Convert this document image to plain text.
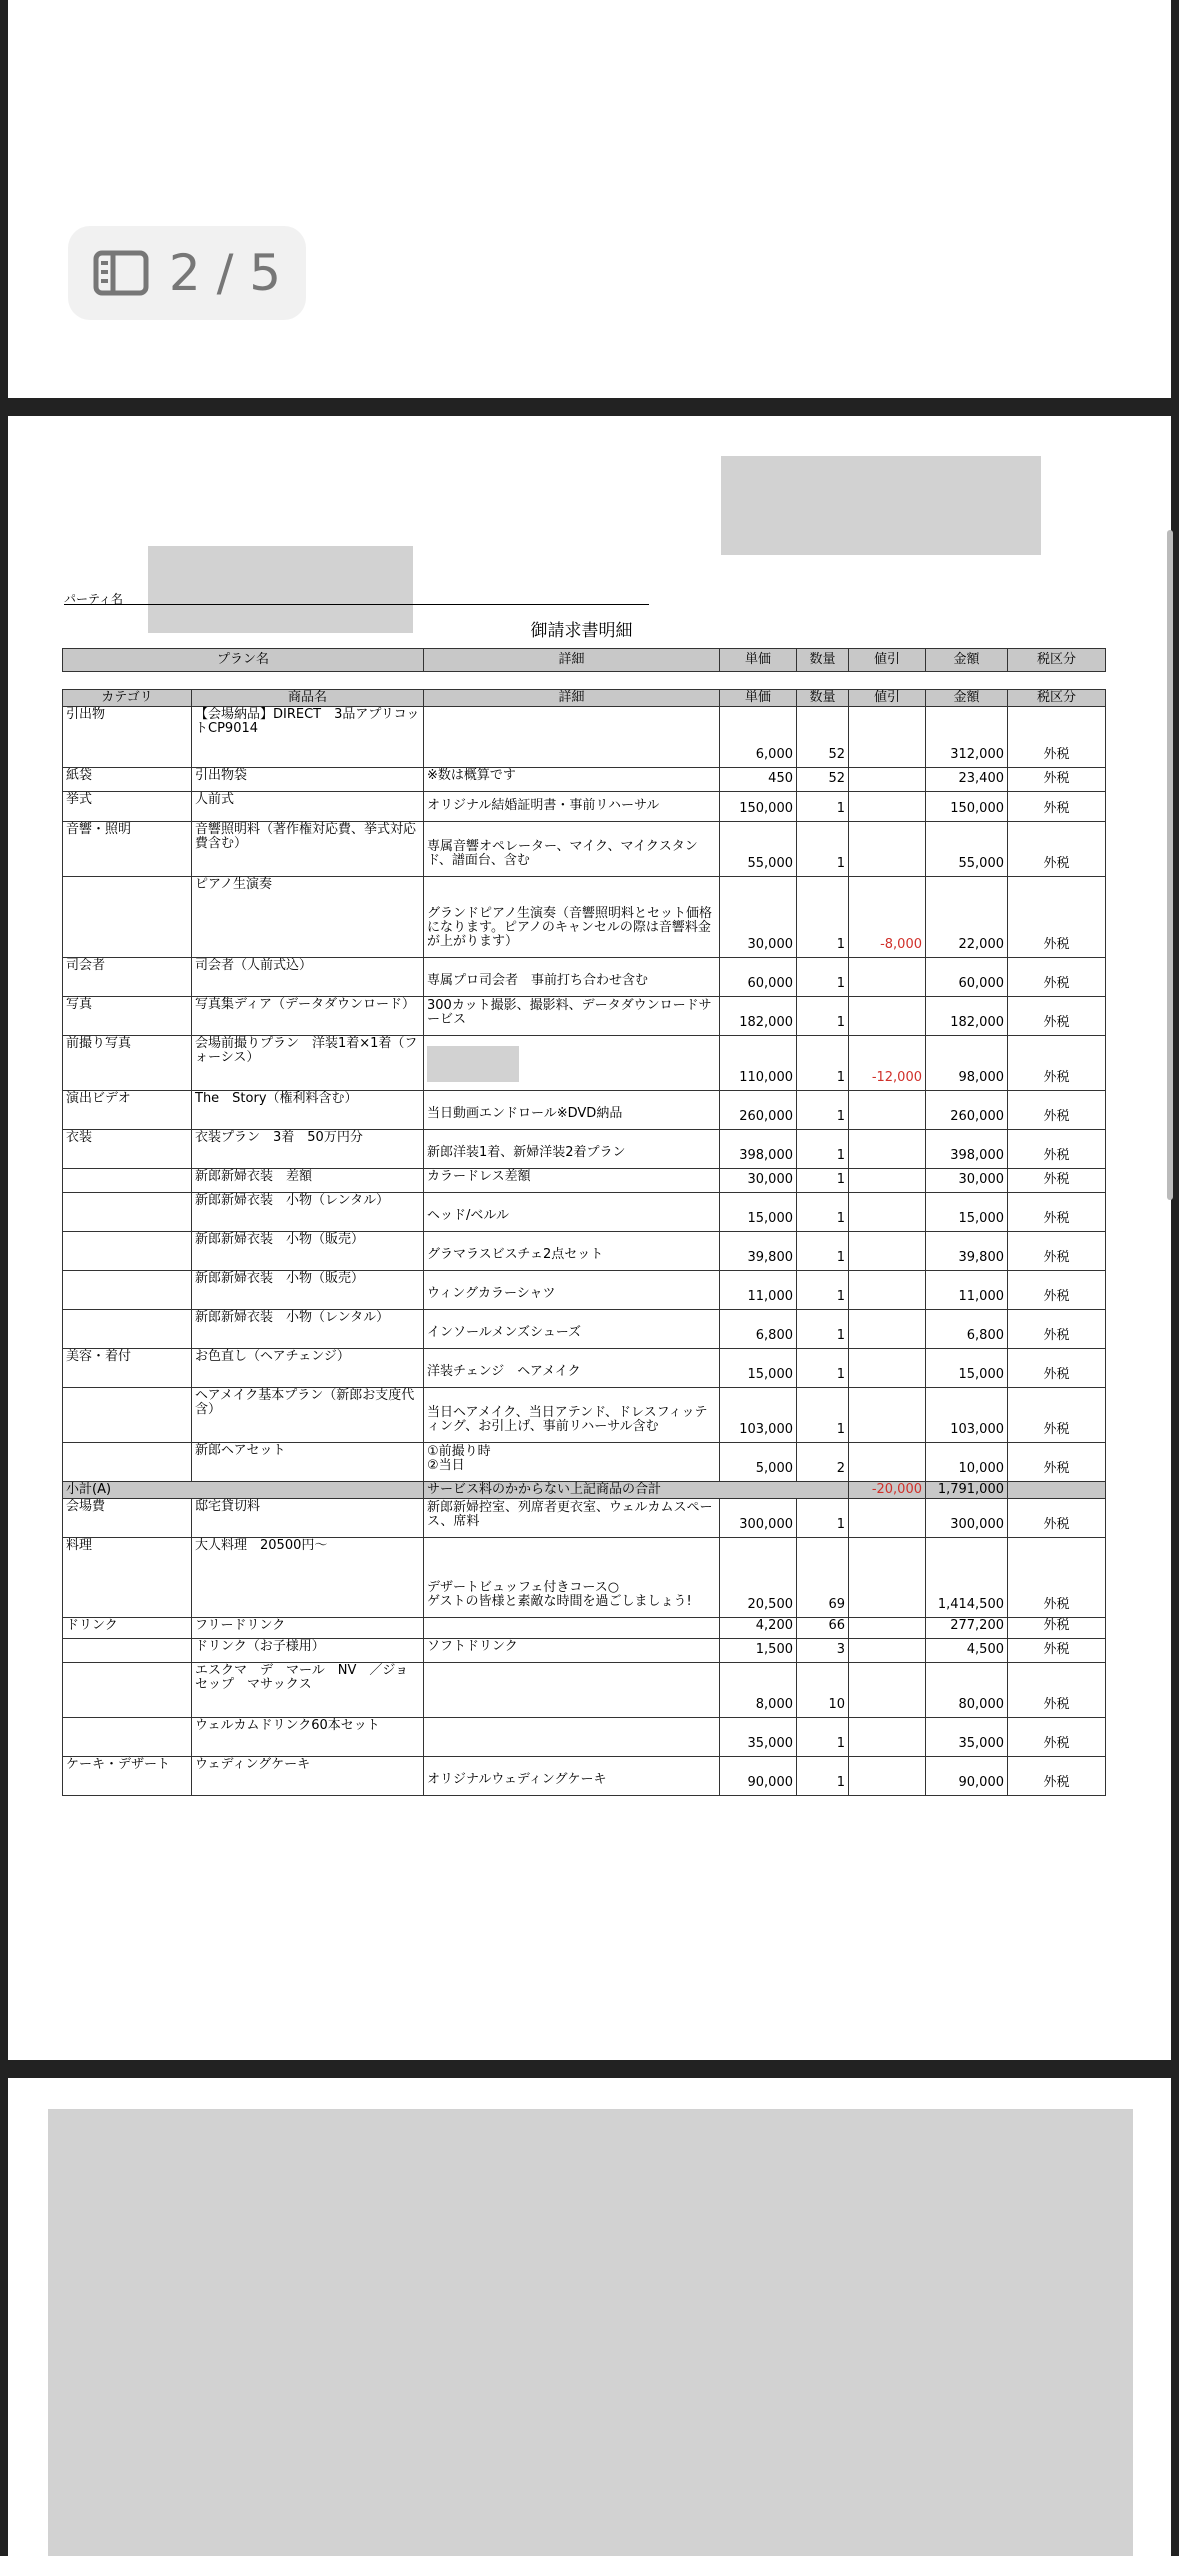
2 / 5
パーティ名
御請求書明細
プラン名	詳細	単価	数量	値引	金額	税区分
カテゴリ	商品名	詳細	単価	数量	値引	金額	税区分
引出物	【会場納品】DIRECT　3品アプリコットCP9014		6,000	52		312,000	外税
紙袋	引出物袋	※数は概算です	450	52		23,400	外税
挙式	人前式	オリジナル結婚証明書・事前リハーサル	150,000	1		150,000	外税
音響・照明	音響照明料（著作権対応費、挙式対応費含む）	専属音響オペレーター、マイク、マイクスタンド、譜面台、含む	55,000	1		55,000	外税
	ピアノ生演奏	グランドピアノ生演奏（音響照明料とセット価格になります。ピアノのキャンセルの際は音響料金が上がります）	30,000	1	-8,000	22,000	外税
司会者	司会者（人前式込）	専属プロ司会者　事前打ち合わせ含む	60,000	1		60,000	外税
写真	写真集ディア（データダウンロード）	300カット撮影、撮影料、データダウンロードサービス	182,000	1		182,000	外税
前撮り写真	会場前撮りプラン　洋装1着×1着（フォーシス）		110,000	1	-12,000	98,000	外税
演出ビデオ	The　Story（権利料含む）	当日動画エンドロール※DVD納品	260,000	1		260,000	外税
衣装	衣装プラン　3着　50万円分	新郎洋装1着、新婦洋装2着プラン	398,000	1		398,000	外税
	新郎新婦衣装　差額	カラードレス差額	30,000	1		30,000	外税
	新郎新婦衣装　小物（レンタル）	ヘッド/ベルル	15,000	1		15,000	外税
	新郎新婦衣装　小物（販売）	グラマラスビスチェ2点セット	39,800	1		39,800	外税
	新郎新婦衣装　小物（販売）	ウィングカラーシャツ	11,000	1		11,000	外税
	新郎新婦衣装　小物（レンタル）	インソールメンズシューズ	6,800	1		6,800	外税
美容・着付	お色直し（ヘアチェンジ）	洋装チェンジ　ヘアメイク	15,000	1		15,000	外税
	ヘアメイク基本プラン（新郎お支度代含）	当日ヘアメイク、当日アテンド、ドレスフィッティング、お引上げ、事前リハーサル含む	103,000	1		103,000	外税
	新郎ヘアセット	①前撮り時
②当日	5,000	2		10,000	外税
小計(A)		サービス料のかからない上記商品の合計			-20,000	1,791,000	
会場費	邸宅貸切料	新郎新婦控室、列席者更衣室、ウェルカムスペース、席料	300,000	1		300,000	外税
料理	大人料理　20500円～	デザートビュッフェ付きコース○
ゲストの皆様と素敵な時間を過ごしましょう!	20,500	69		1,414,500	外税
ドリンク	フリードリンク		4,200	66		277,200	外税
	ドリンク（お子様用）	ソフトドリンク	1,500	3		4,500	外税
	エスクマ　デ　マール　NV　／ジョセップ　マサックス		8,000	10		80,000	外税
	ウェルカムドリンク60本セット		35,000	1		35,000	外税
ケーキ・デザート	ウェディングケーキ	オリジナルウェディングケーキ	90,000	1		90,000	外税
